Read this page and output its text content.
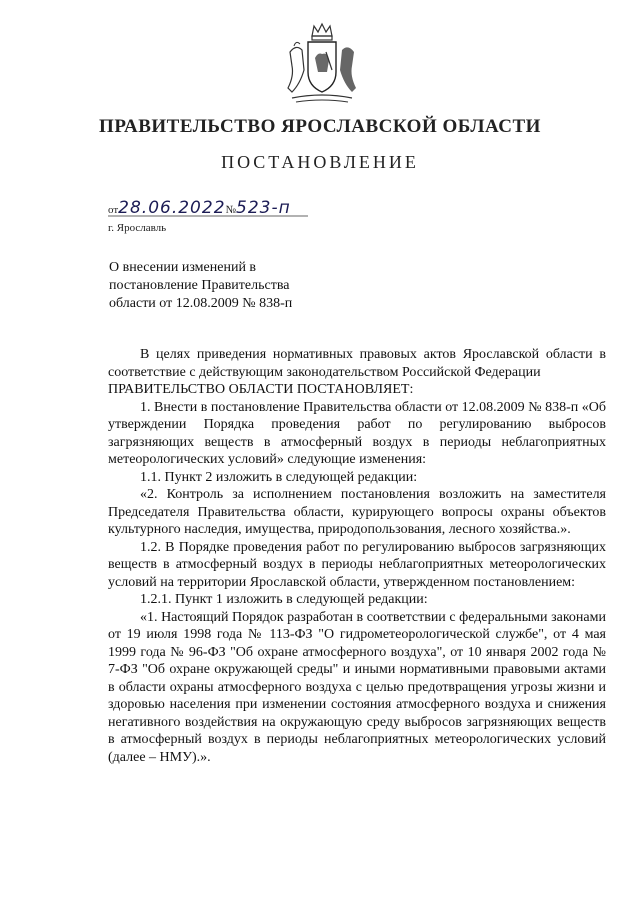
ПРАВИТЕЛЬСТВО ЯРОСЛАВСКОЙ ОБЛАСТИ
ПОСТАНОВЛЕНИЕ
от28.06.2022№523-п
г. Ярославль
О внесении изменений в постановление Правительства области от 12.08.2009 № 838-п

В целях приведения нормативных правовых актов Ярославской области в соответствие с действующим законодательством Российской Федерации

ПРАВИТЕЛЬСТВО ОБЛАСТИ ПОСТАНОВЛЯЕТ:

1. Внести в постановление Правительства области от 12.08.2009 № 838-п «Об утверждении Порядка проведения работ по регулированию выбросов загрязняющих веществ в атмосферный воздух в периоды неблагоприятных метеорологических условий» следующие изменения:

1.1. Пункт 2 изложить в следующей редакции:

«2. Контроль за исполнением постановления возложить на заместителя Председателя Правительства области, курирующего вопросы охраны объектов культурного наследия, имущества, природопользования, лесного хозяйства.».

1.2. В Порядке проведения работ по регулированию выбросов загрязняющих веществ в атмосферный воздух в периоды неблагоприятных метеорологических условий на территории Ярославской области, утвержденном постановлением:

1.2.1. Пункт 1 изложить в следующей редакции:

«1. Настоящий Порядок разработан в соответствии с федеральными законами от 19 июля 1998 года № 113-ФЗ "О гидрометеорологической службе", от 4 мая 1999 года № 96-ФЗ "Об охране атмосферного воздуха", от 10 января 2002 года № 7-ФЗ "Об охране окружающей среды" и иными нормативными правовыми актами в области охраны атмосферного воздуха с целью предотвращения угрозы жизни и здоровью населения при изменении состояния атмосферного воздуха и снижения негативного воздействия на окружающую среду выбросов загрязняющих веществ в атмосферный воздух в периоды неблагоприятных метеорологических условий (далее – НМУ).».
